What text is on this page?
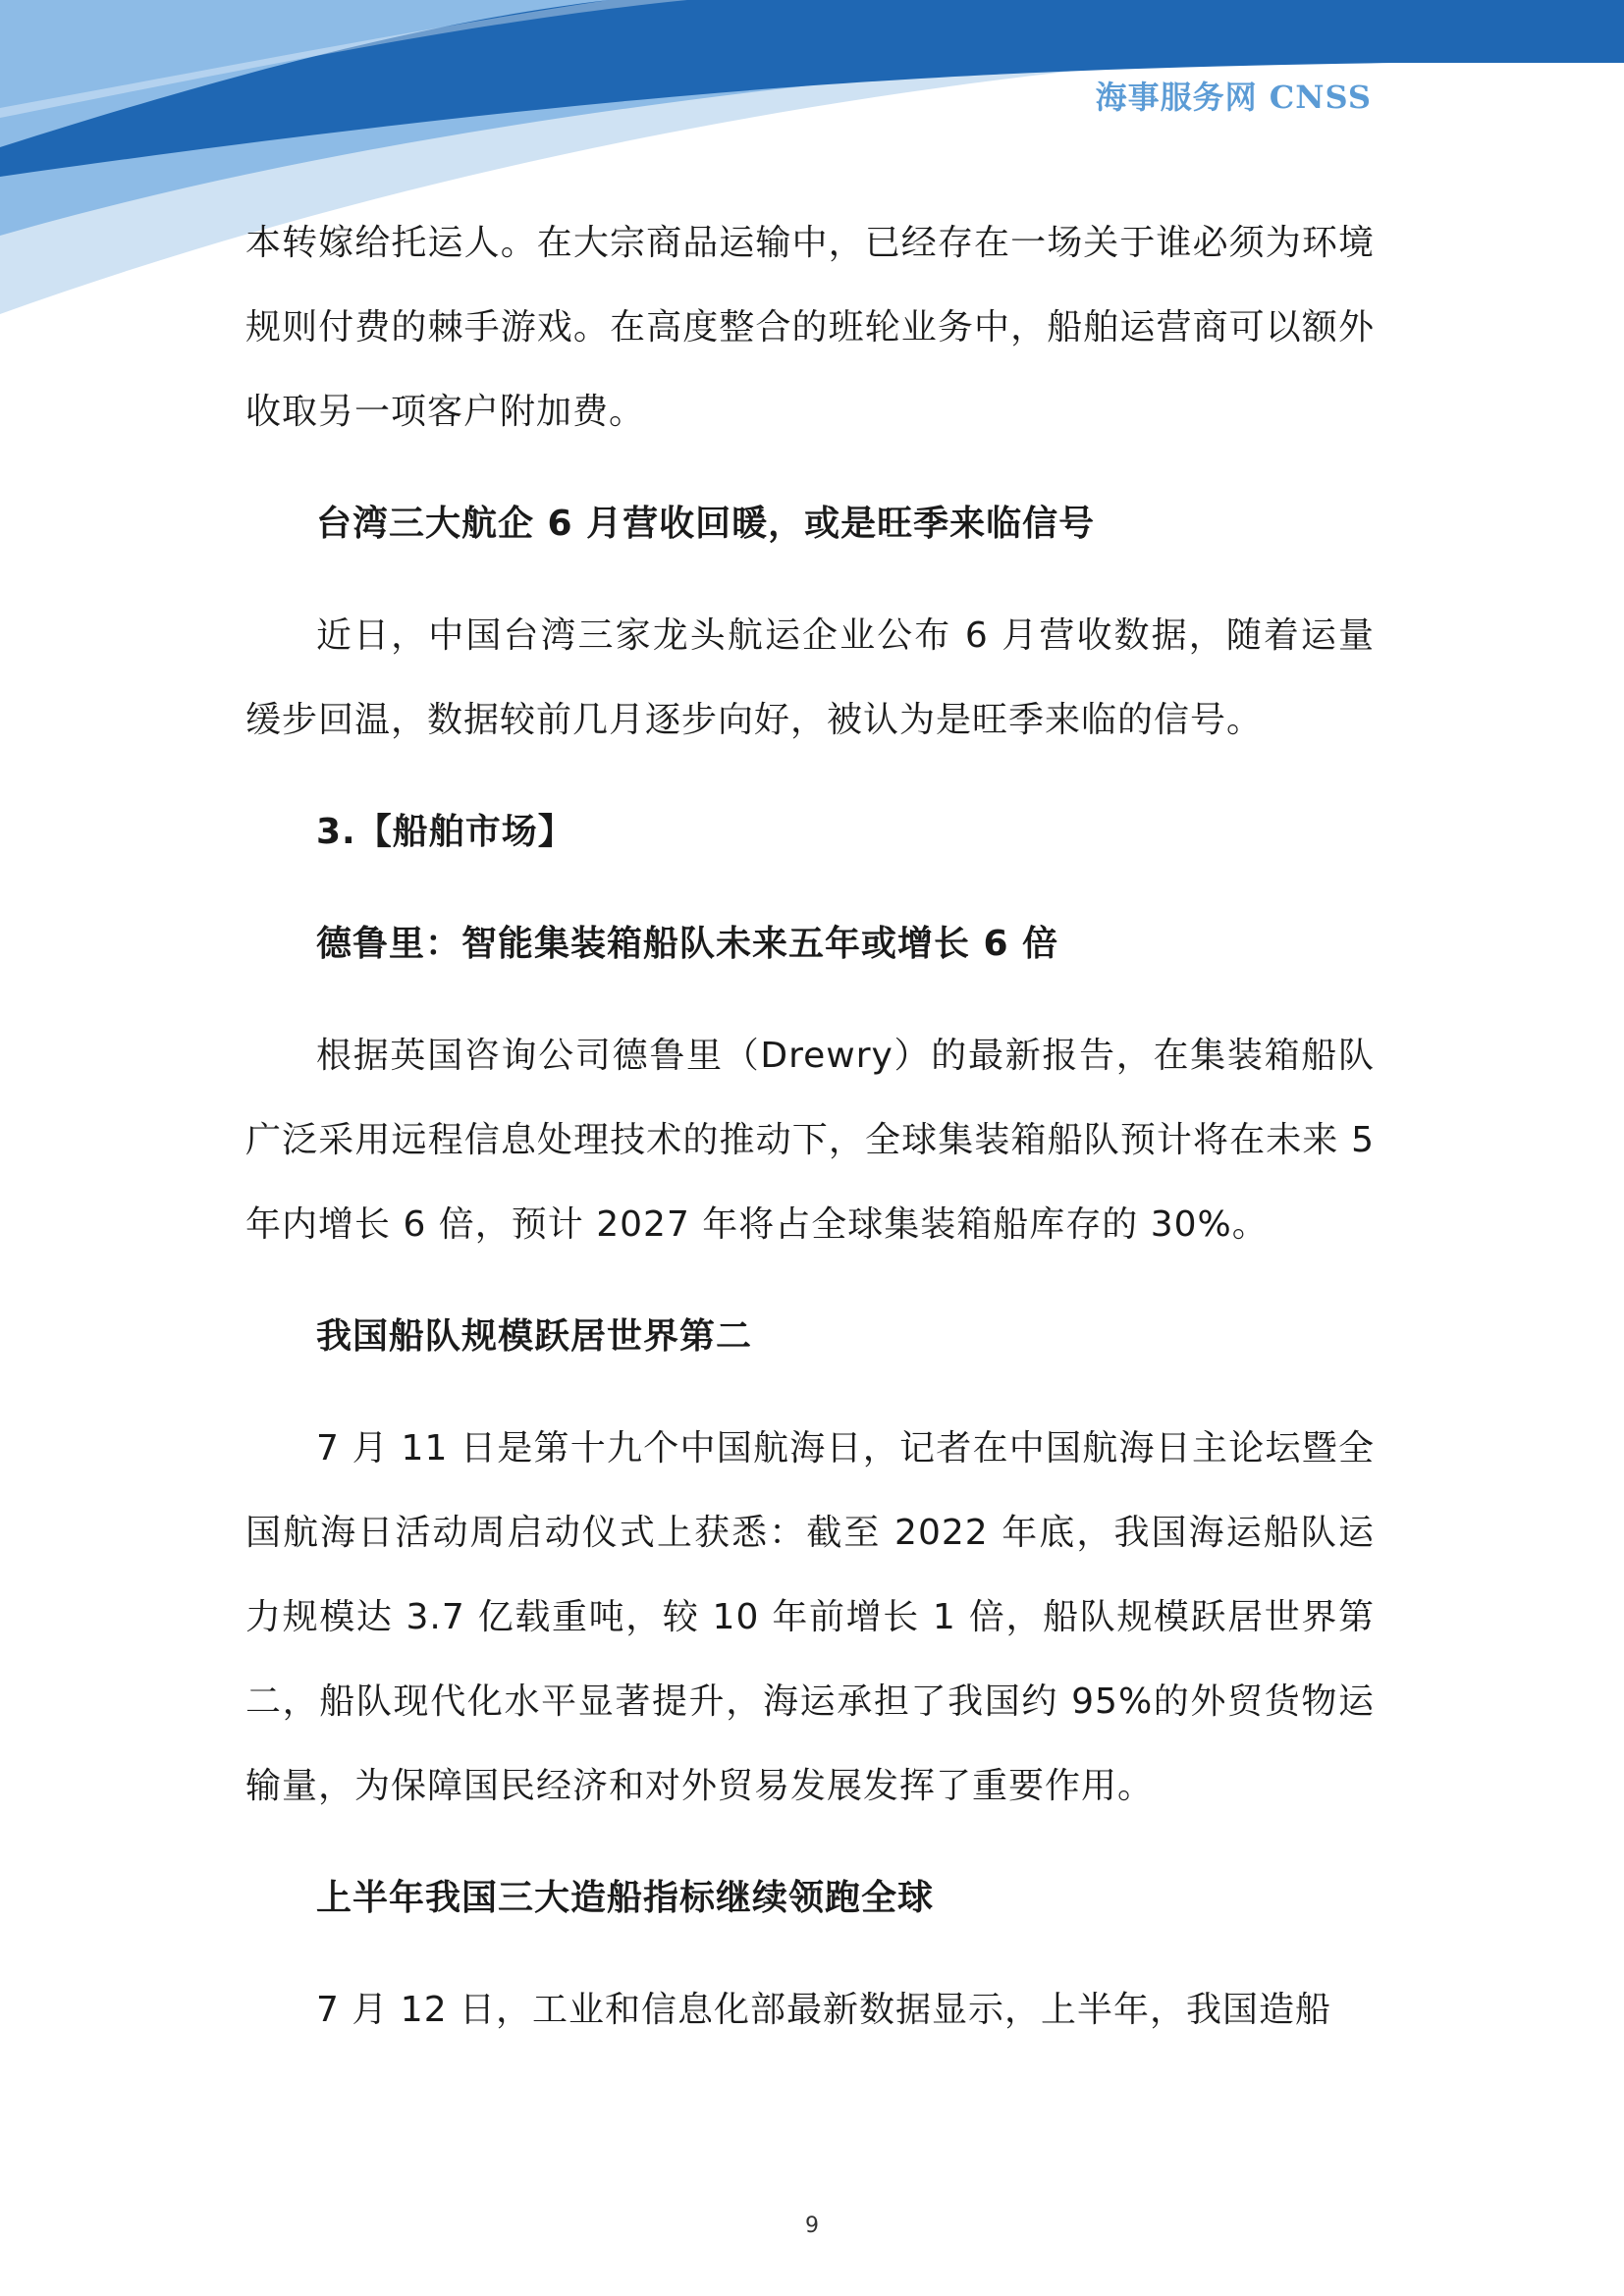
海事服务网 CNSS

本转嫁给托运人。在大宗商品运输中，已经存在一场关于谁必须为环境规则付费的棘手游戏。在高度整合的班轮业务中，船舶运营商可以额外收取另一项客户附加费。

台湾三大航企 6 月营收回暖，或是旺季来临信号

近日，中国台湾三家龙头航运企业公布 6 月营收数据，随着运量缓步回温，数据较前几月逐步向好，被认为是旺季来临的信号。

3.【船舶市场】

德鲁里：智能集装箱船队未来五年或增长 6 倍

根据英国咨询公司德鲁里（Drewry）的最新报告，在集装箱船队广泛采用远程信息处理技术的推动下，全球集装箱船队预计将在未来 5 年内增长 6 倍，预计 2027 年将占全球集装箱船库存的 30%。

我国船队规模跃居世界第二

7 月 11 日是第十九个中国航海日，记者在中国航海日主论坛暨全国航海日活动周启动仪式上获悉：截至 2022 年底，我国海运船队运力规模达 3.7 亿载重吨，较 10 年前增长 1 倍，船队规模跃居世界第二，船队现代化水平显著提升，海运承担了我国约 95%的外贸货物运输量，为保障国民经济和对外贸易发展发挥了重要作用。

上半年我国三大造船指标继续领跑全球

7 月 12 日，工业和信息化部最新数据显示，上半年，我国造船

9
